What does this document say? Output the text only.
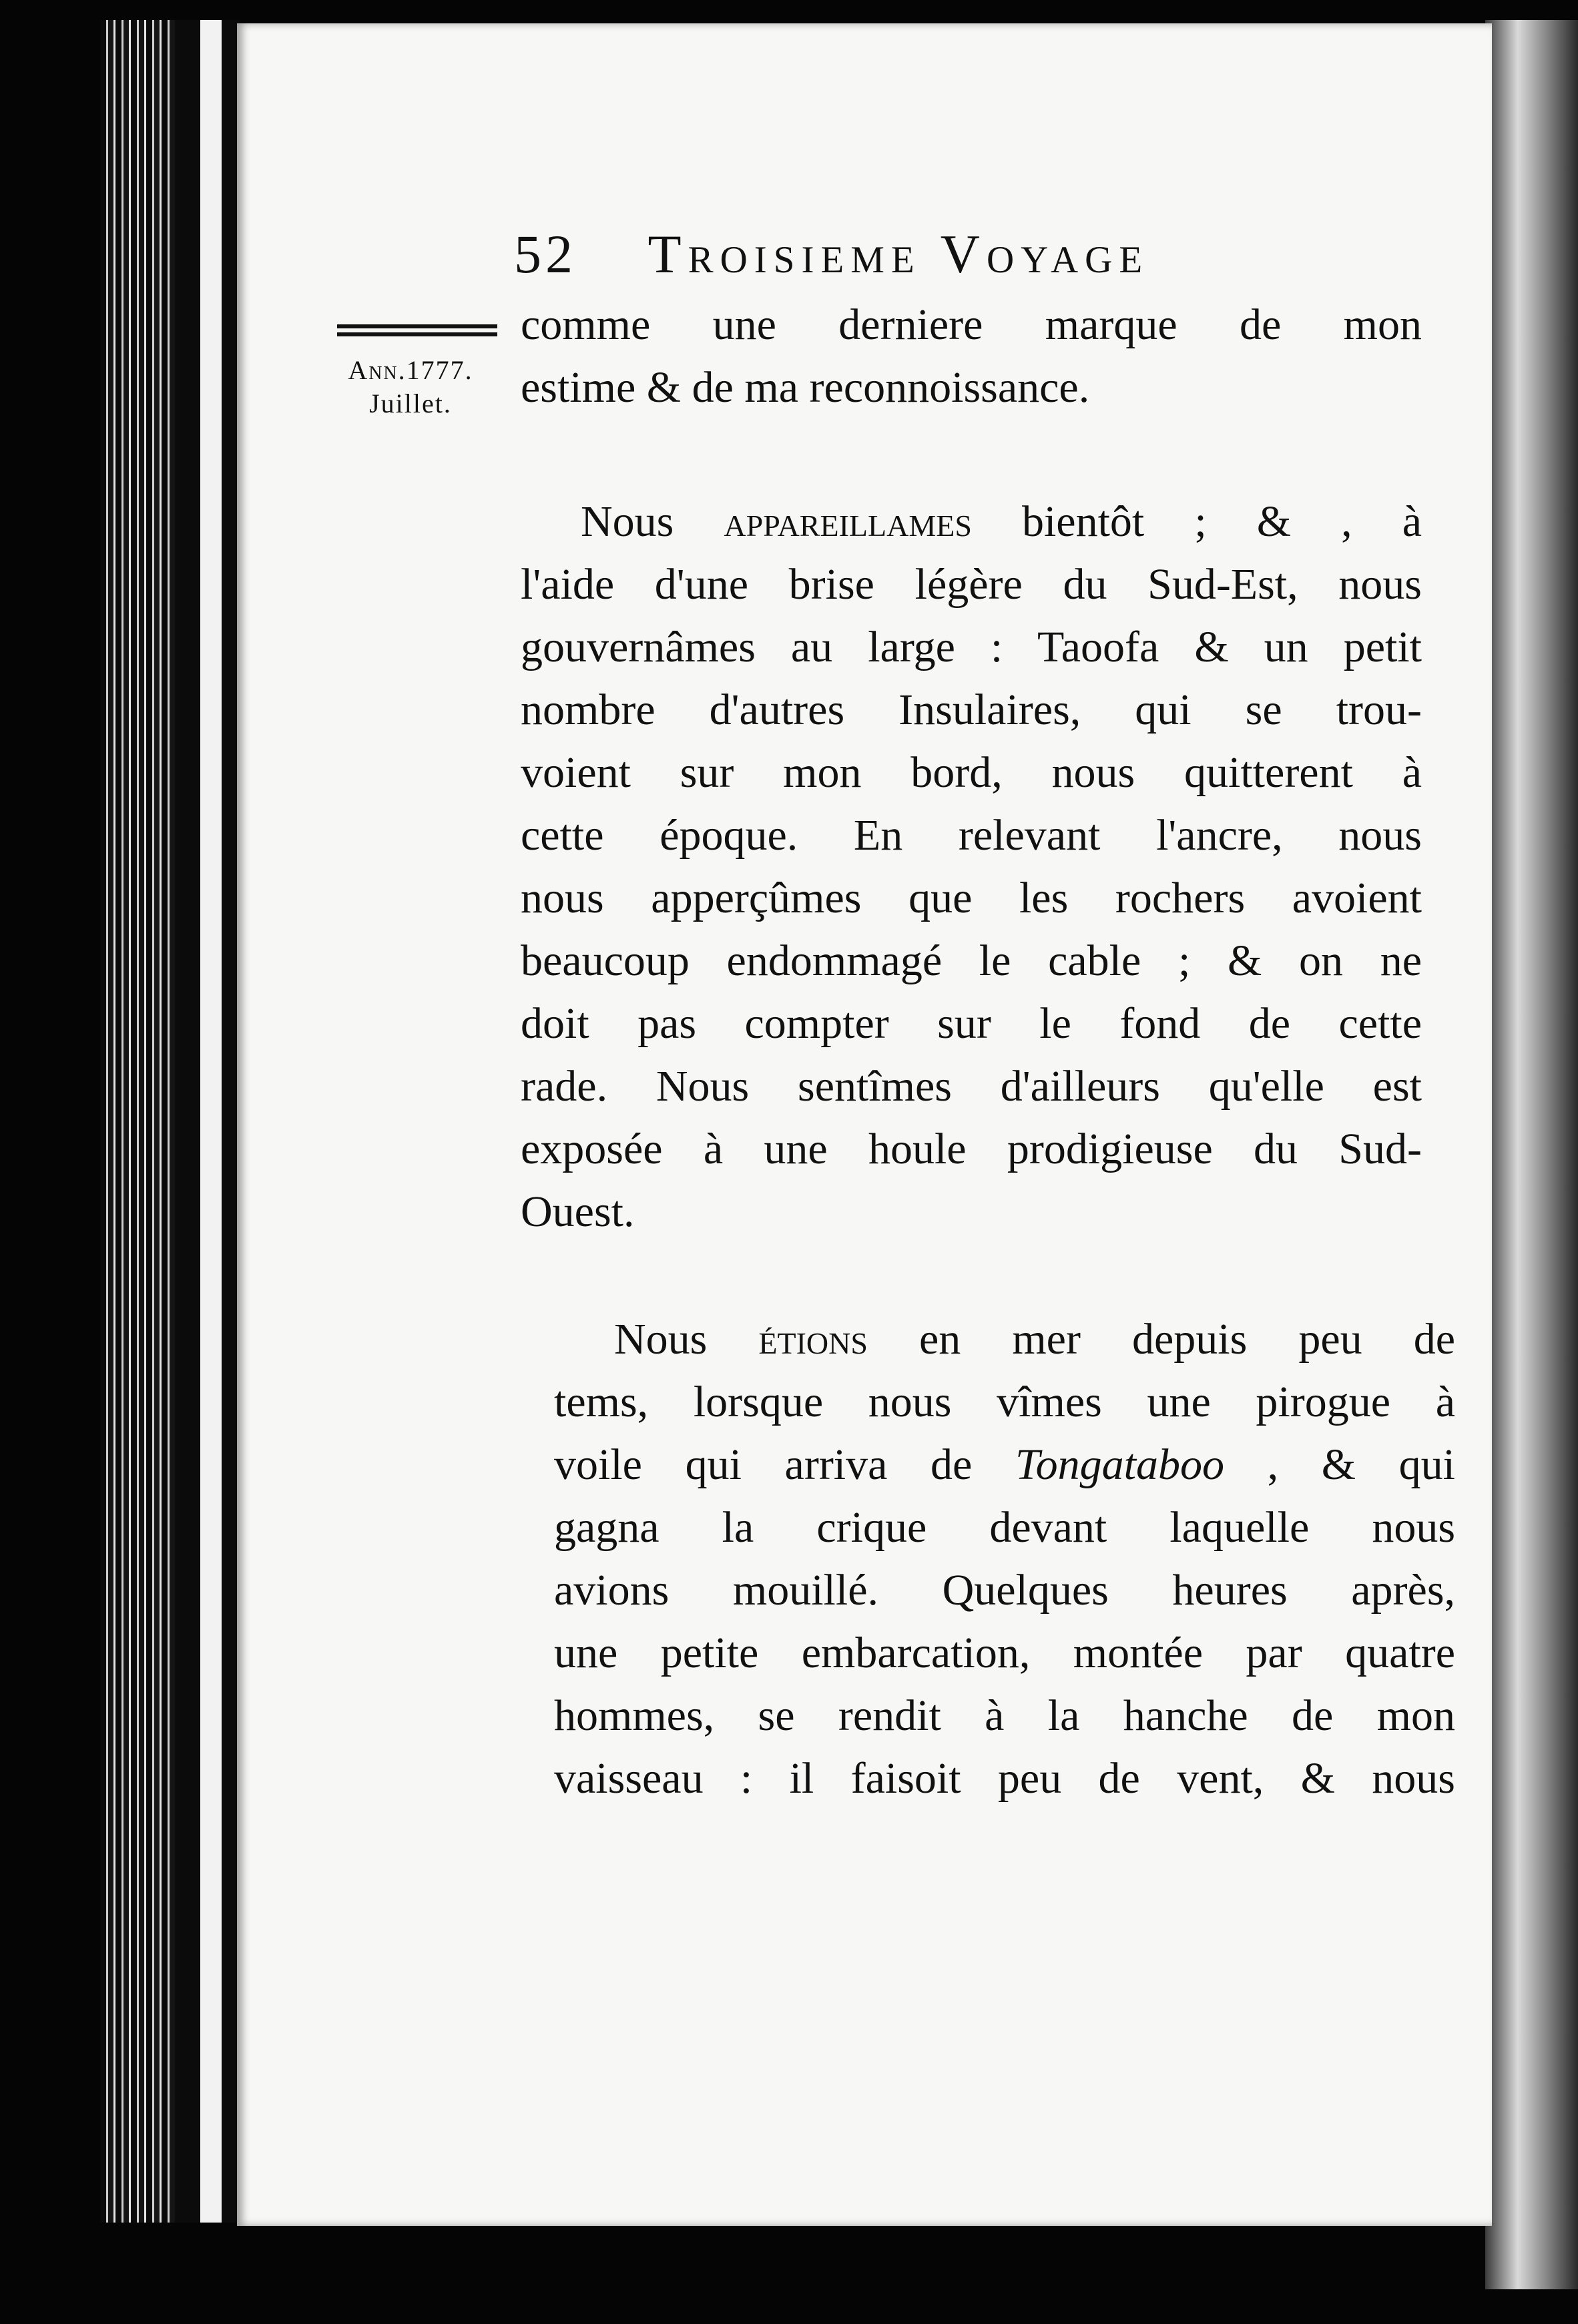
52 Troisieme Voyage
Ann.1777.
Juillet.
comme une derniere marque de mon
estime & de ma reconnoissance.
Nous appareillames bientôt ; & , à
l'aide d'une brise légère du Sud-Est, nous
gouvernâmes au large : Taoofa & un petit
nombre d'autres Insulaires, qui se trou-
voient sur mon bord, nous quitterent à
cette époque. En relevant l'ancre, nous
nous apperçûmes que les rochers avoient
beaucoup endommagé le cable ; & on ne
doit pas compter sur le fond de cette
rade. Nous sentîmes d'ailleurs qu'elle est
exposée à une houle prodigieuse du Sud-
Ouest.
Nous étions en mer depuis peu de
tems, lorsque nous vîmes une pirogue à
voile qui arriva de Tongataboo , & qui
gagna la crique devant laquelle nous
avions mouillé. Quelques heures après,
une petite embarcation, montée par quatre
hommes, se rendit à la hanche de mon
vaisseau : il faisoit peu de vent, & nous
